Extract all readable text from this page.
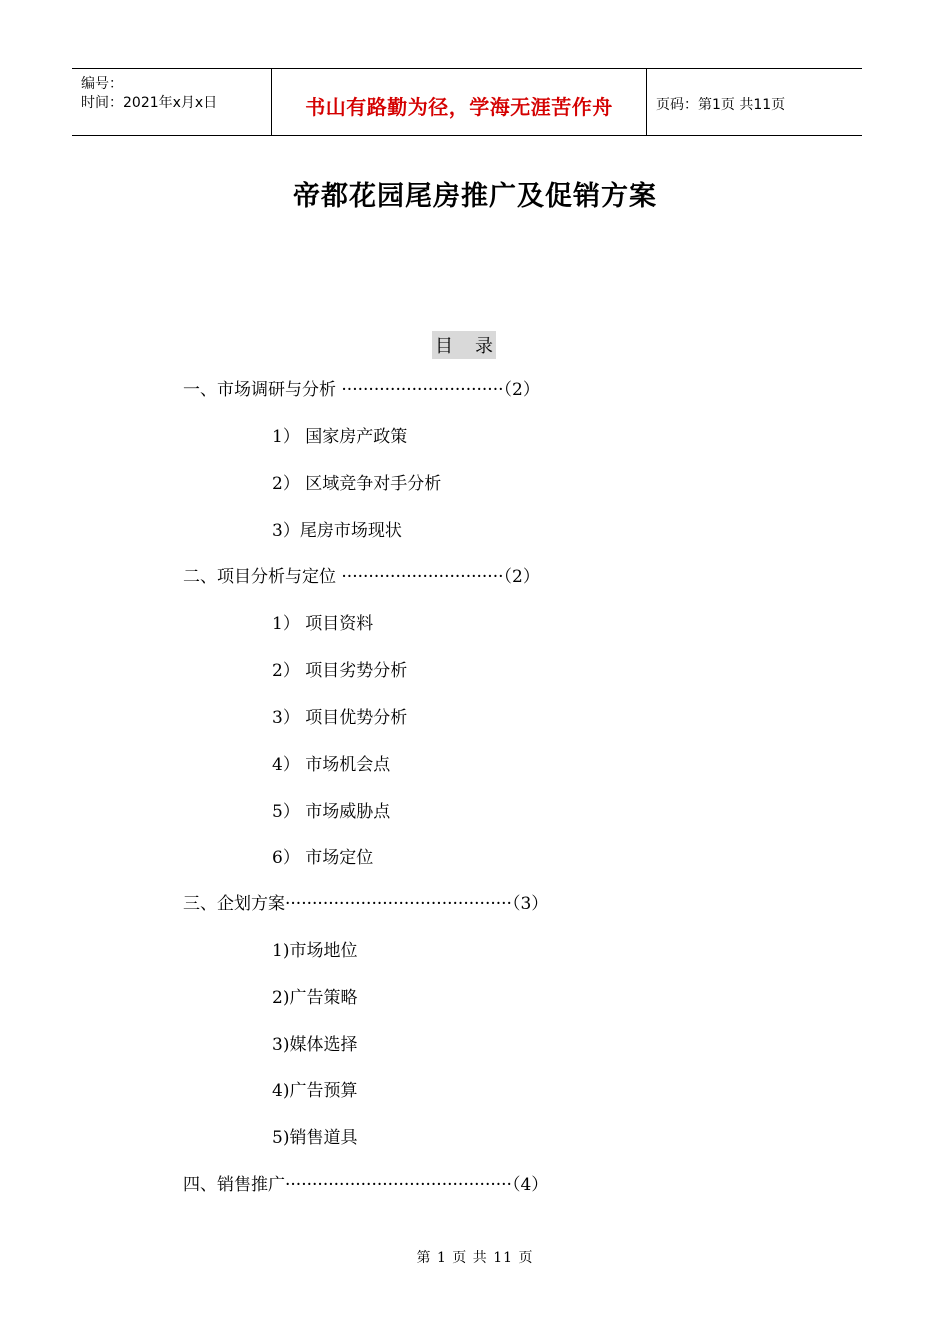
编号：
时间：2021年x月x日	书山有路勤为径，学海无涯苦作舟	页码：第1页 共11页
帝都花园尾房推广及促销方案
目 录
一、市场调研与分析 ······························（2）
1） 国家房产政策
2） 区域竞争对手分析
3）尾房市场现状
二、项目分析与定位 ······························（2）
1） 项目资料
2） 项目劣势分析
3） 项目优势分析
4） 市场机会点
5） 市场威胁点
6） 市场定位
三、企划方案··········································（3）
1)市场地位
2)广告策略
3)媒体选择
4)广告预算
5)销售道具
四、销售推广··········································（4）
第 1 页 共 11 页
